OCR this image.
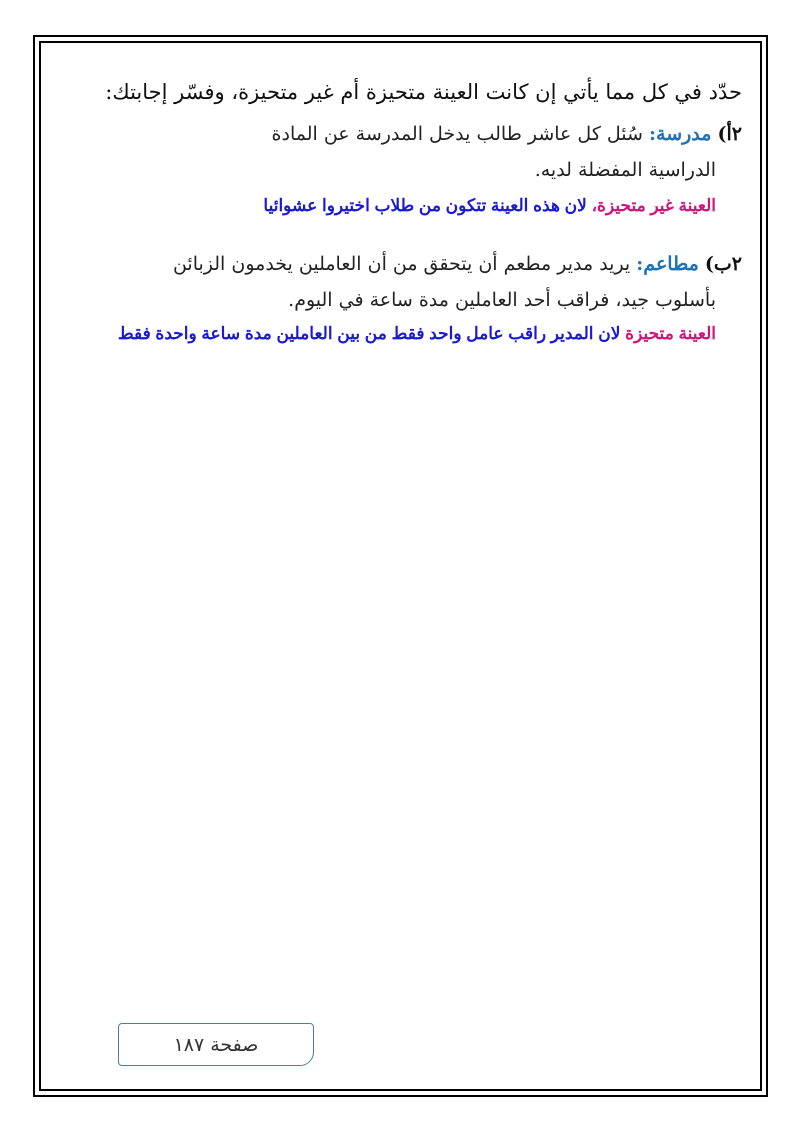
حدّد في كل مما يأتي إن كانت العينة متحيزة أم غير متحيزة، وفسّر إجابتك:

٢أ) مدرسة: سُئل كل عاشر طالب يدخل المدرسة عن المادة

الدراسية المفضلة لديه.

العينة غير متحيزة، لان هذه العينة تتكون من طلاب اختيروا عشوائيا

٢ب) مطاعم: يريد مدير مطعم أن يتحقق من أن العاملين يخدمون الزبائن

بأسلوب جيد، فراقب أحد العاملين مدة ساعة في اليوم.

العينة متحيزة لان المدير راقب عامل واحد فقط من بين العاملين مدة ساعة واحدة فقط

صفحة ١٨٧
